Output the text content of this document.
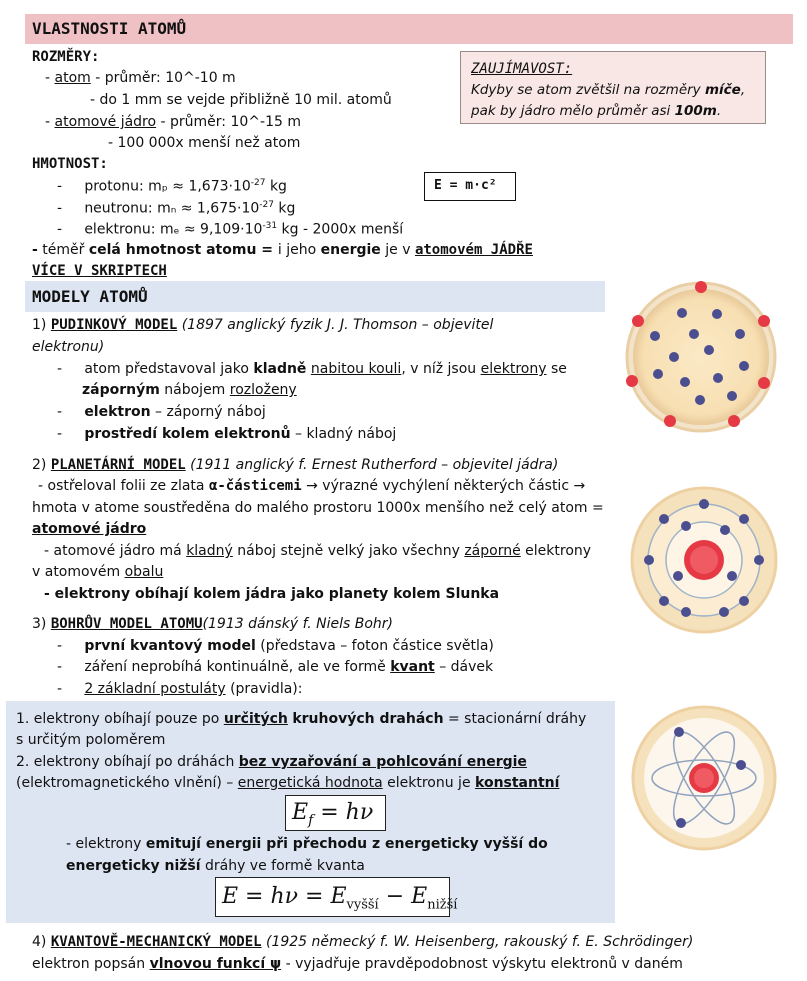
VLASTNOSTI ATOMŮ
ROZMĚRY:
- atom - průměr: 10^-10 m
- do 1 mm se vejde přibližně 10 mil. atomů
- atomové jádro - průměr: 10^-15 m
- 100 000x menší než atom
HMOTNOST:
-     protonu: $m_p \approx 1,673\cdot 10^{-27}$ kg
-     neutronu: $m_n \approx 1,675\cdot 10^{-27}$ kg
-     elektronu: $m_e \approx 9,109\cdot 10^{-31}$ kg - 2000x menší
- téměř celá hmotnost atomu = i jeho energie je v atomovém JÁDŘE
VÍCE V SKRIPTECH
E = m·c²
ZAUJÍMAVOST:
Kdyby se atom zvětšil na rozměry míče,
pak by jádro mělo průměr asi 100m.
MODELY ATOMŮ
1) PUDINKOVÝ MODEL (1897 anglický fyzik J. J. Thomson – objevitel
elektronu)
-     atom představoval jako kladně nabitou kouli, v níž jsou elektrony se
záporným nábojem rozloženy
-     elektron – záporný náboj
-     prostředí kolem elektronů – kladný náboj
2) PLANETÁRNÍ MODEL (1911 anglický f. Ernest Rutherford – objevitel jádra)
- ostřeloval folii ze zlata α-částicemi → výrazné vychýlení některých částic →
hmota v atome soustředěna do malého prostoru 1000x menšího než celý atom =
atomové jádro
- atomové jádro má kladný náboj stejně velký jako všechny záporné elektrony
v atomovém obalu
- elektrony obíhají kolem jádra jako planety kolem Slunka
3) BOHRŮV MODEL ATOMU(1913 dánský f. Niels Bohr)
-     první kvantový model (představa – foton částice světla)
-     záření neprobíhá kontinuálně, ale ve formě kvant – dávek
-     2 základní postuláty (pravidla):
1. elektrony obíhají pouze po určitých kruhových drahách = stacionární dráhy
s určitým poloměrem
2. elektrony obíhají po dráhách bez vyzařování a pohlcování energie
(elektromagnetického vlnění) – energetická hodnota elektronu je konstantní
$E_f = h\nu$
- elektrony emitují energii při přechodu z energeticky vyšší do
energeticky nižší dráhy ve formě kvanta
$E = h\nu = E_{vyšší} - E_{nižší}$
4) KVANTOVĚ-MECHANICKÝ MODEL (1925 německý f. W. Heisenberg, rakouský f. E. Schrödinger)
elektron popsán vlnovou funkcí ψ - vyjadřuje pravděpodobnost výskytu elektronů v daném
